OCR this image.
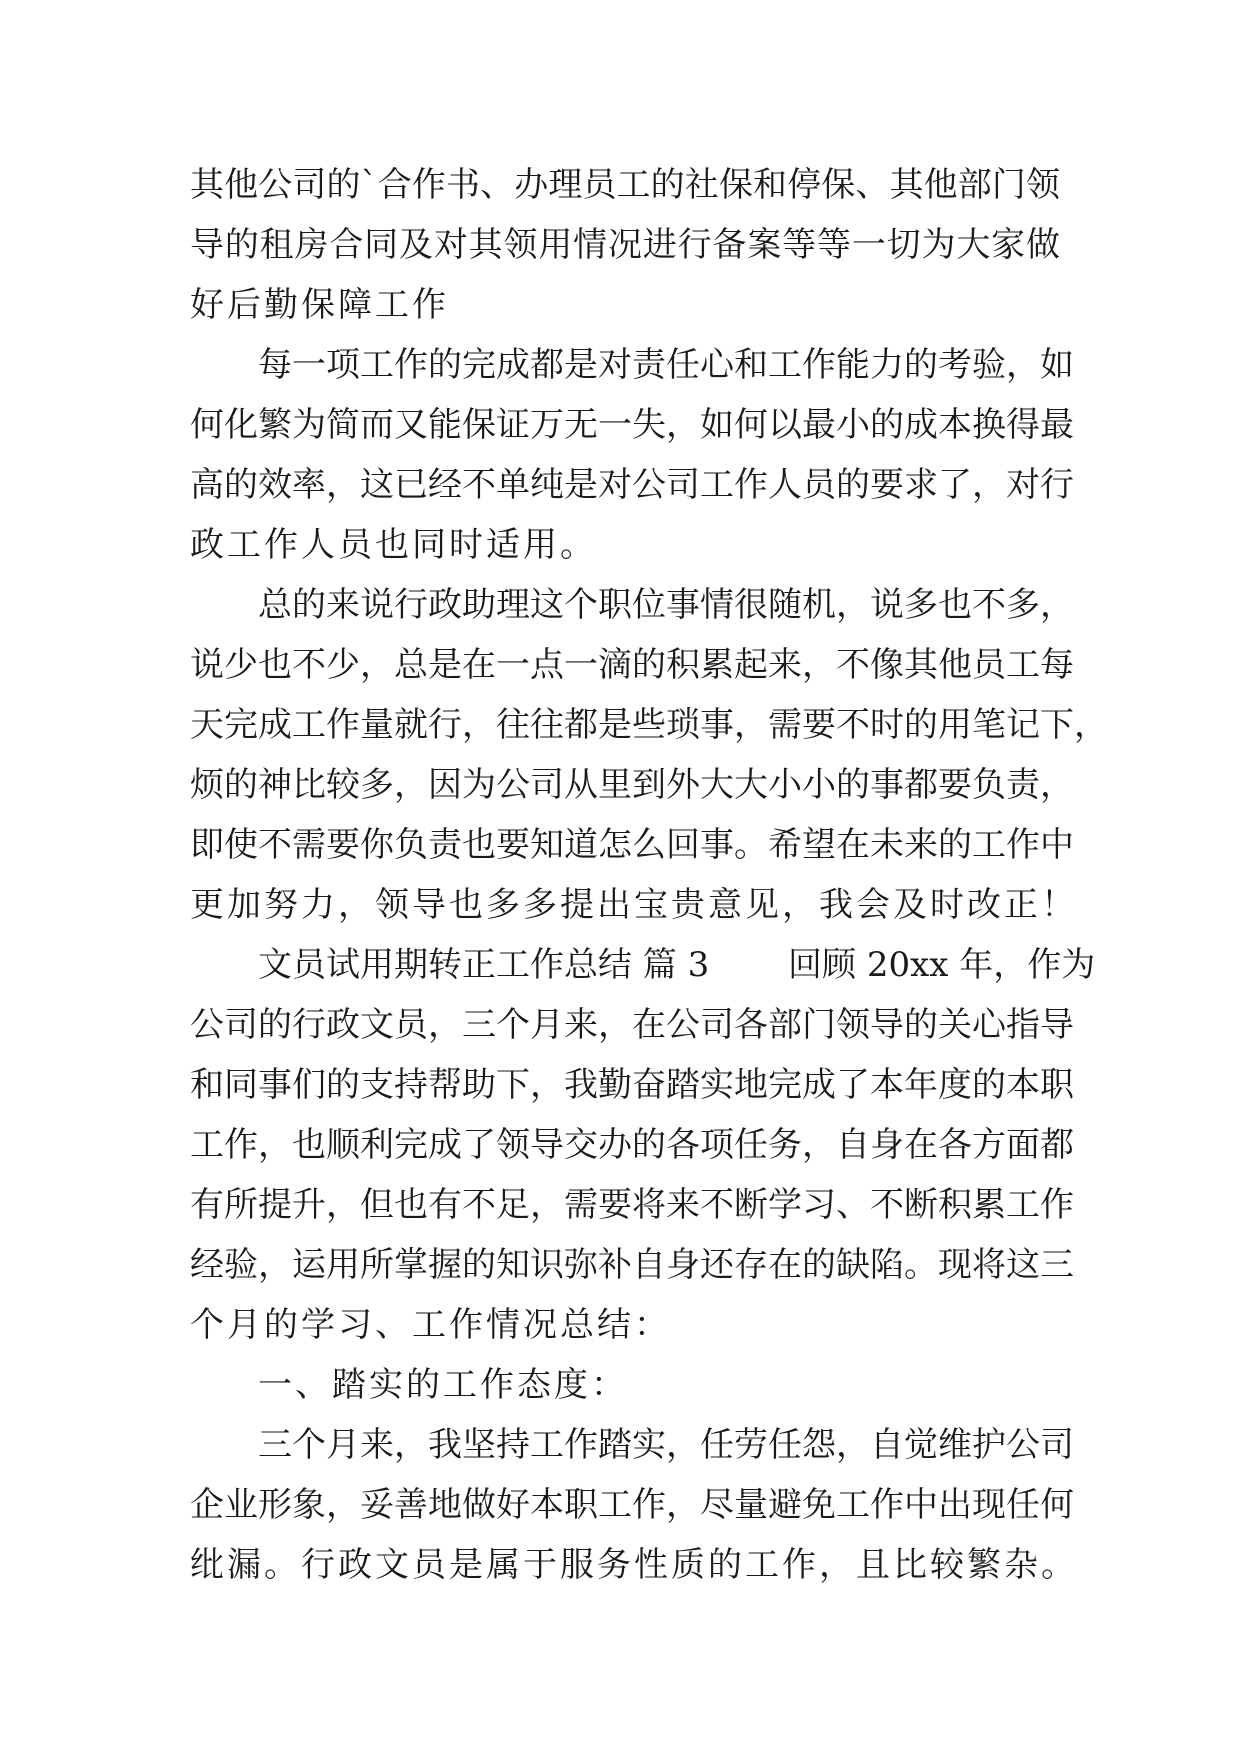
其他公司的`合作书、办理员工的社保和停保、其他部门领
导的租房合同及对其领用情况进行备案等等一切为大家做
好后勤保障工作
每一项工作的完成都是对责任心和工作能力的考验，如
何化繁为简而又能保证万无一失，如何以最小的成本换得最
高的效率，这已经不单纯是对公司工作人员的要求了，对行
政工作人员也同时适用。
总的来说行政助理这个职位事情很随机，说多也不多，
说少也不少，总是在一点一滴的积累起来，不像其他员工每
天完成工作量就行，往往都是些琐事，需要不时的用笔记下，
烦的神比较多，因为公司从里到外大大小小的事都要负责，
即使不需要你负责也要知道怎么回事。希望在未来的工作中
更加努力，领导也多多提出宝贵意见，我会及时改正！
文员试用期转正工作总结 篇 3　　 回顾 20xx 年，作为
公司的行政文员，三个月来，在公司各部门领导的关心指导
和同事们的支持帮助下，我勤奋踏实地完成了本年度的本职
工作，也顺利完成了领导交办的各项任务，自身在各方面都
有所提升，但也有不足，需要将来不断学习、不断积累工作
经验，运用所掌握的知识弥补自身还存在的缺陷。现将这三
个月的学习、工作情况总结：
一、踏实的工作态度：
三个月来，我坚持工作踏实，任劳任怨，自觉维护公司
企业形象，妥善地做好本职工作，尽量避免工作中出现任何
纰漏。行政文员是属于服务性质的工作，且比较繁杂。
